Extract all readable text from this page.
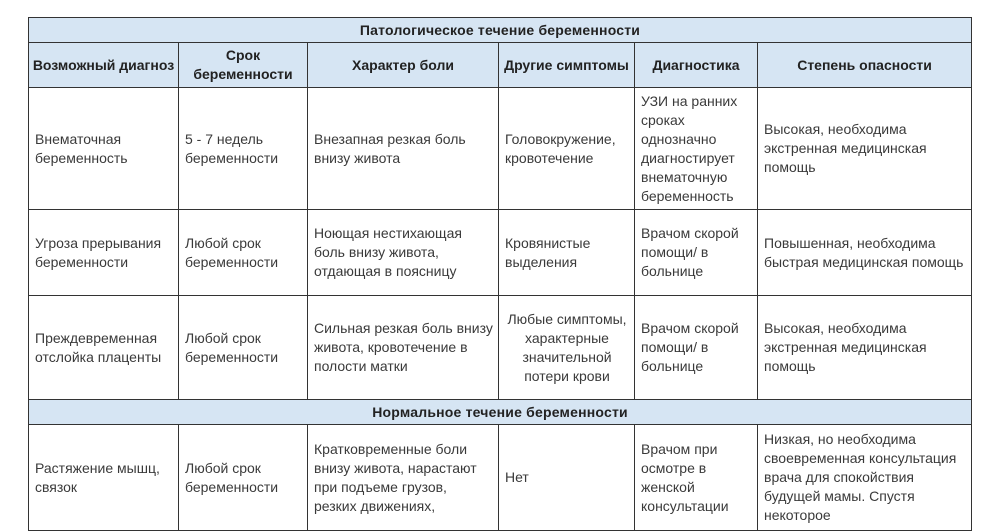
Патологическое течение беременности					
Возможный диагноз	Срок беременности	Характер боли	Другие симптомы	Диагностика	Степень опасности
Внематочная беременность	5 - 7 недель беременности	Внезапная резкая боль внизу живота	Головокружение, кровотечение	УЗИ на ранних сроках однозначно диагностирует внематочную беременность	Высокая, необходима экстренная медицинская помощь
Угроза прерывания беременности	Любой срок беременности	Ноющая нестихающая боль внизу живота, отдающая в поясницу	Кровянистые выделения	Врачом скорой помощи/ в больнице	Повышенная, необходима быстрая медицинская помощь
Преждевременная отслойка плаценты	Любой срок беременности	Сильная резкая боль внизу живота, кровотечение в полости матки	Любые симптомы, характерные значительной потери крови	Врачом скорой помощи/ в больнице	Высокая, необходима экстренная медицинская помощь
Нормальное течение беременности					
Растяжение мышц, связок	Любой срок беременности	Кратковременные боли внизу живота, нарастают при подъеме грузов, резких движениях,	Нет	Врачом при осмотре в женской консультации	Низкая, но необходима своевременная консультация врача для спокойствия будущей мамы. Спустя некоторое
